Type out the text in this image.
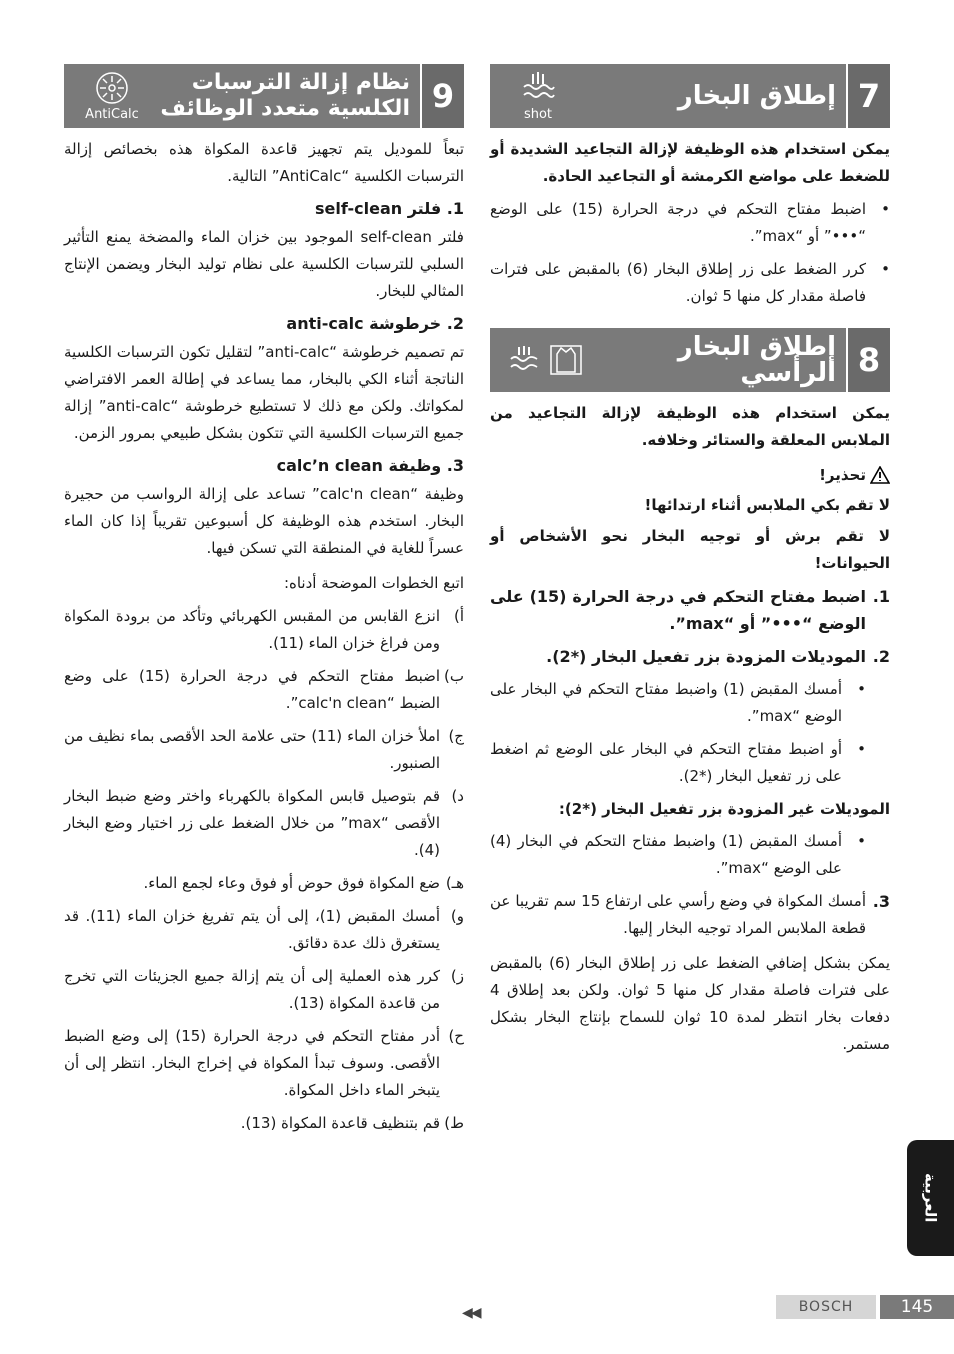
AntiCalc
نظام إزالة الترسبات
الكلسية متعدد الوظائف 9

تبعاً للموديل يتم تجهيز قاعدة المكواة هذه بخصائص إزالة الترسبات الكلسية “AntiCalc” التالية.

1. فلتر self-clean

فلتر self-clean الموجود بين خزان الماء والمضخة يمنع التأثير السلبي للترسبات الكلسية على نظام توليد البخار ويضمن الإنتاج المثالي للبخار.

2. خرطوشة anti-calc

تم تصميم خرطوشة “anti-calc” لتقليل تكون الترسبات الكلسية الناتجة أثناء الكي بالبخار، مما يساعد في إطالة العمر الافتراضي لمكواتك. ولكن مع ذلك لا تستطيع خرطوشة “anti-calc” إزالة جميع الترسبات الكلسية التي تتكون بشكل طبيعي بمرور الزمن.

3. وظيفة calc’n clean

وظيفة “calc'n clean” تساعد على إزالة الرواسب من حجيرة البخار. استخدم هذه الوظيفة كل أسبوعين تقريباً إذا كان الماء عسراً للغاية في المنطقة التي تسكن فيها.

اتبع الخطوات الموضحة أدناه:

أ)
انزع القابس من المقبس الكهربائي وتأكد من برودة المكواة ومن فراغ خزان الماء (11).
ب)
اضبط مفتاح التحكم في درجة الحرارة (15) على وضع الضبط “calc'n clean”.
ج)
املأ خزان الماء (11) حتى علامة الحد الأقصى بماء نظيف من الصنبور.
د)
قم بتوصيل قابس المكواة بالكهرباء واختر وضع ضبط البخار الأقصى “max” من خلال الضغط على زر اختيار وضع البخار (4).
هـ)
ضع المكواة فوق حوض أو فوق وعاء لجمع الماء.
و)
أمسك المقبض (1)، إلى أن يتم تفريغ خزان الماء (11). قد يستغرق ذلك عدة دقائق.
ز)
كرر هذه العملية إلى أن يتم إزالة جميع الجزيئات التي تخرج من قاعدة المكواة (13).
ح)
أدر مفتاح التحكم في درجة الحرارة (15) إلى وضع الضبط الأقصى. وسوف تبدأ المكواة في إخراج البخار. انتظر إلى أن يتبخر الماء داخل المكواة.
ط)
قم بتنظيف قاعدة المكواة (13).
shot
إطلاق البخار 7

يمكن استخدام هذه الوظيفة لإزالة التجاعيد الشديدة أو للضغط على مواضع الكرمشة أو التجاعيد الحادة.

•
اضبط مفتاح التحكم في درجة الحرارة (15) على الوضع “•••” أو “max”.
•
كرر الضغط على زر إطلاق البخار (6) بالمقبض على فترات فاصلة مقدار كل منها 5 ثوان.
إطلاق البخار الرأسي 8

يمكن استخدام هذه الوظيفة لإزالة التجاعيد من الملابس المعلقة والستائر وخلافه.

تحذير!

لا تقم بكي الملابس أثناء ارتدائها!

لا تقم برش أو توجيه البخار نحو الأشخاص أو الحيوانات!

1.
اضبط مفتاح التحكم في درجة الحرارة (15) على الوضع “•••” أو “max”.
2.
الموديلات المزودة بزر تفعيل البخار (*2).
•
أمسك المقبض (1) واضبط مفتاح التحكم في البخار على الوضع “max”.
•
أو اضبط مفتاح التحكم في البخار على الوضع ثم اضغط على زر تفعيل البخار (*2).

الموديلات غير المزودة بزر تفعيل البخار (*2):

•
أمسك المقبض (1) واضبط مفتاح التحكم في البخار (4) على الوضع “max”.
3.
أمسك المكواة في وضع رأسي على ارتفاع 15 سم تقريبا عن قطعة الملابس المراد توجيه البخار إليها.

يمكن بشكل إضافي الضغط على زر إطلاق البخار (6) بالمقبض على فترات فاصلة مقدار كل منها 5 ثوان. ولكن بعد إطلاق 4 دفعات بخار انتظر لمدة 10 ثوان للسماح بإنتاج البخار بشكل مستمر.

العربية
◀◀	BOSCH	145
